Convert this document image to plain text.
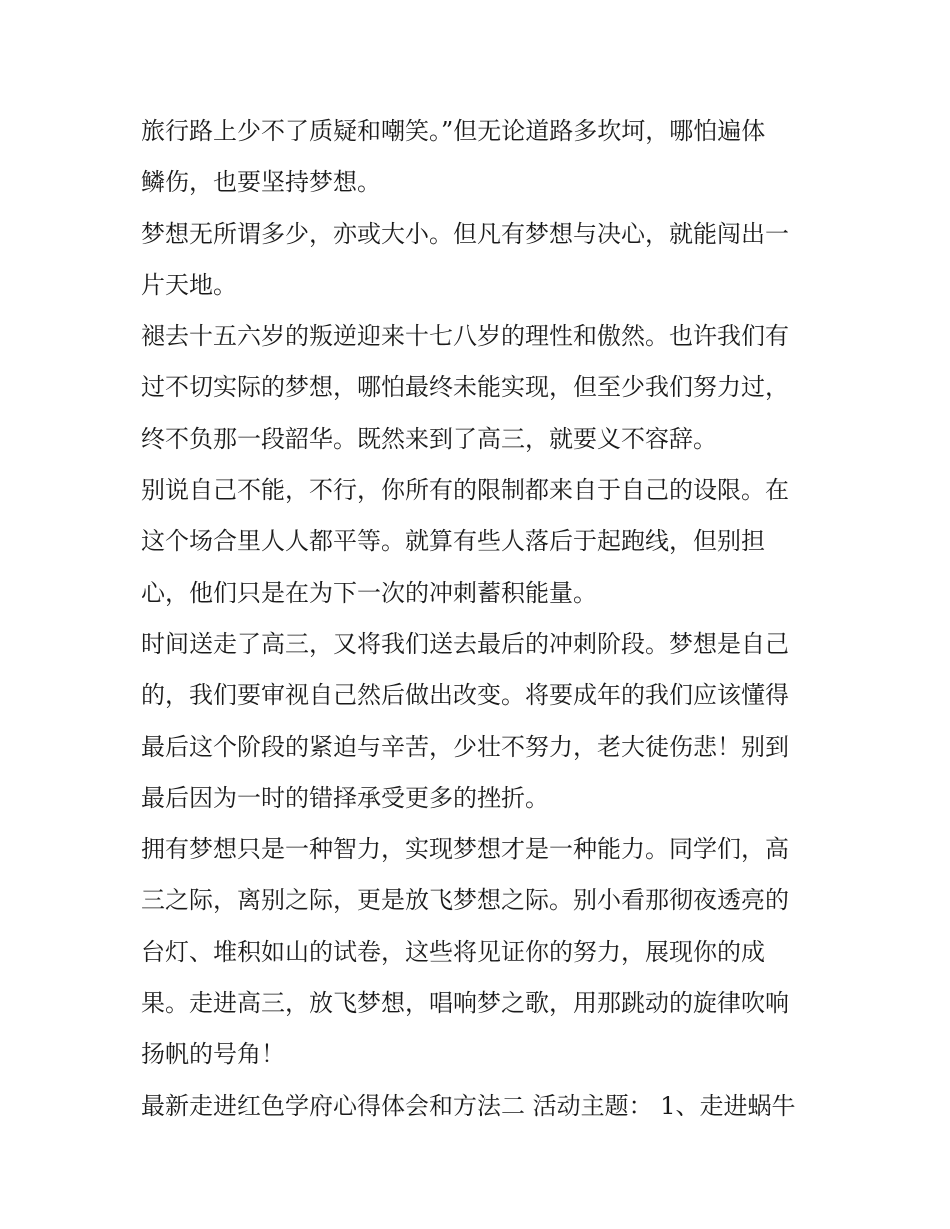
旅行路上少不了质疑和嘲笑。”但无论道路多坎坷，哪怕遍体
鳞伤，也要坚持梦想。
梦想无所谓多少，亦或大小。但凡有梦想与决心，就能闯出一
片天地。
褪去十五六岁的叛逆迎来十七八岁的理性和傲然。也许我们有
过不切实际的梦想，哪怕最终未能实现，但至少我们努力过，
终不负那一段韶华。既然来到了高三，就要义不容辞。
别说自己不能，不行，你所有的限制都来自于自己的设限。在
这个场合里人人都平等。就算有些人落后于起跑线，但别担
心，他们只是在为下一次的冲刺蓄积能量。
时间送走了高三，又将我们送去最后的冲刺阶段。梦想是自己
的，我们要审视自己然后做出改变。将要成年的我们应该懂得
最后这个阶段的紧迫与辛苦，少壮不努力，老大徒伤悲！别到
最后因为一时的错择承受更多的挫折。
拥有梦想只是一种智力，实现梦想才是一种能力。同学们，高
三之际，离别之际，更是放飞梦想之际。别小看那彻夜透亮的
台灯、堆积如山的试卷，这些将见证你的努力，展现你的成
果。走进高三，放飞梦想，唱响梦之歌，用那跳动的旋律吹响
扬帆的号角！
最新走进红色学府心得体会和方法二 活动主题： 1、走进蜗牛
